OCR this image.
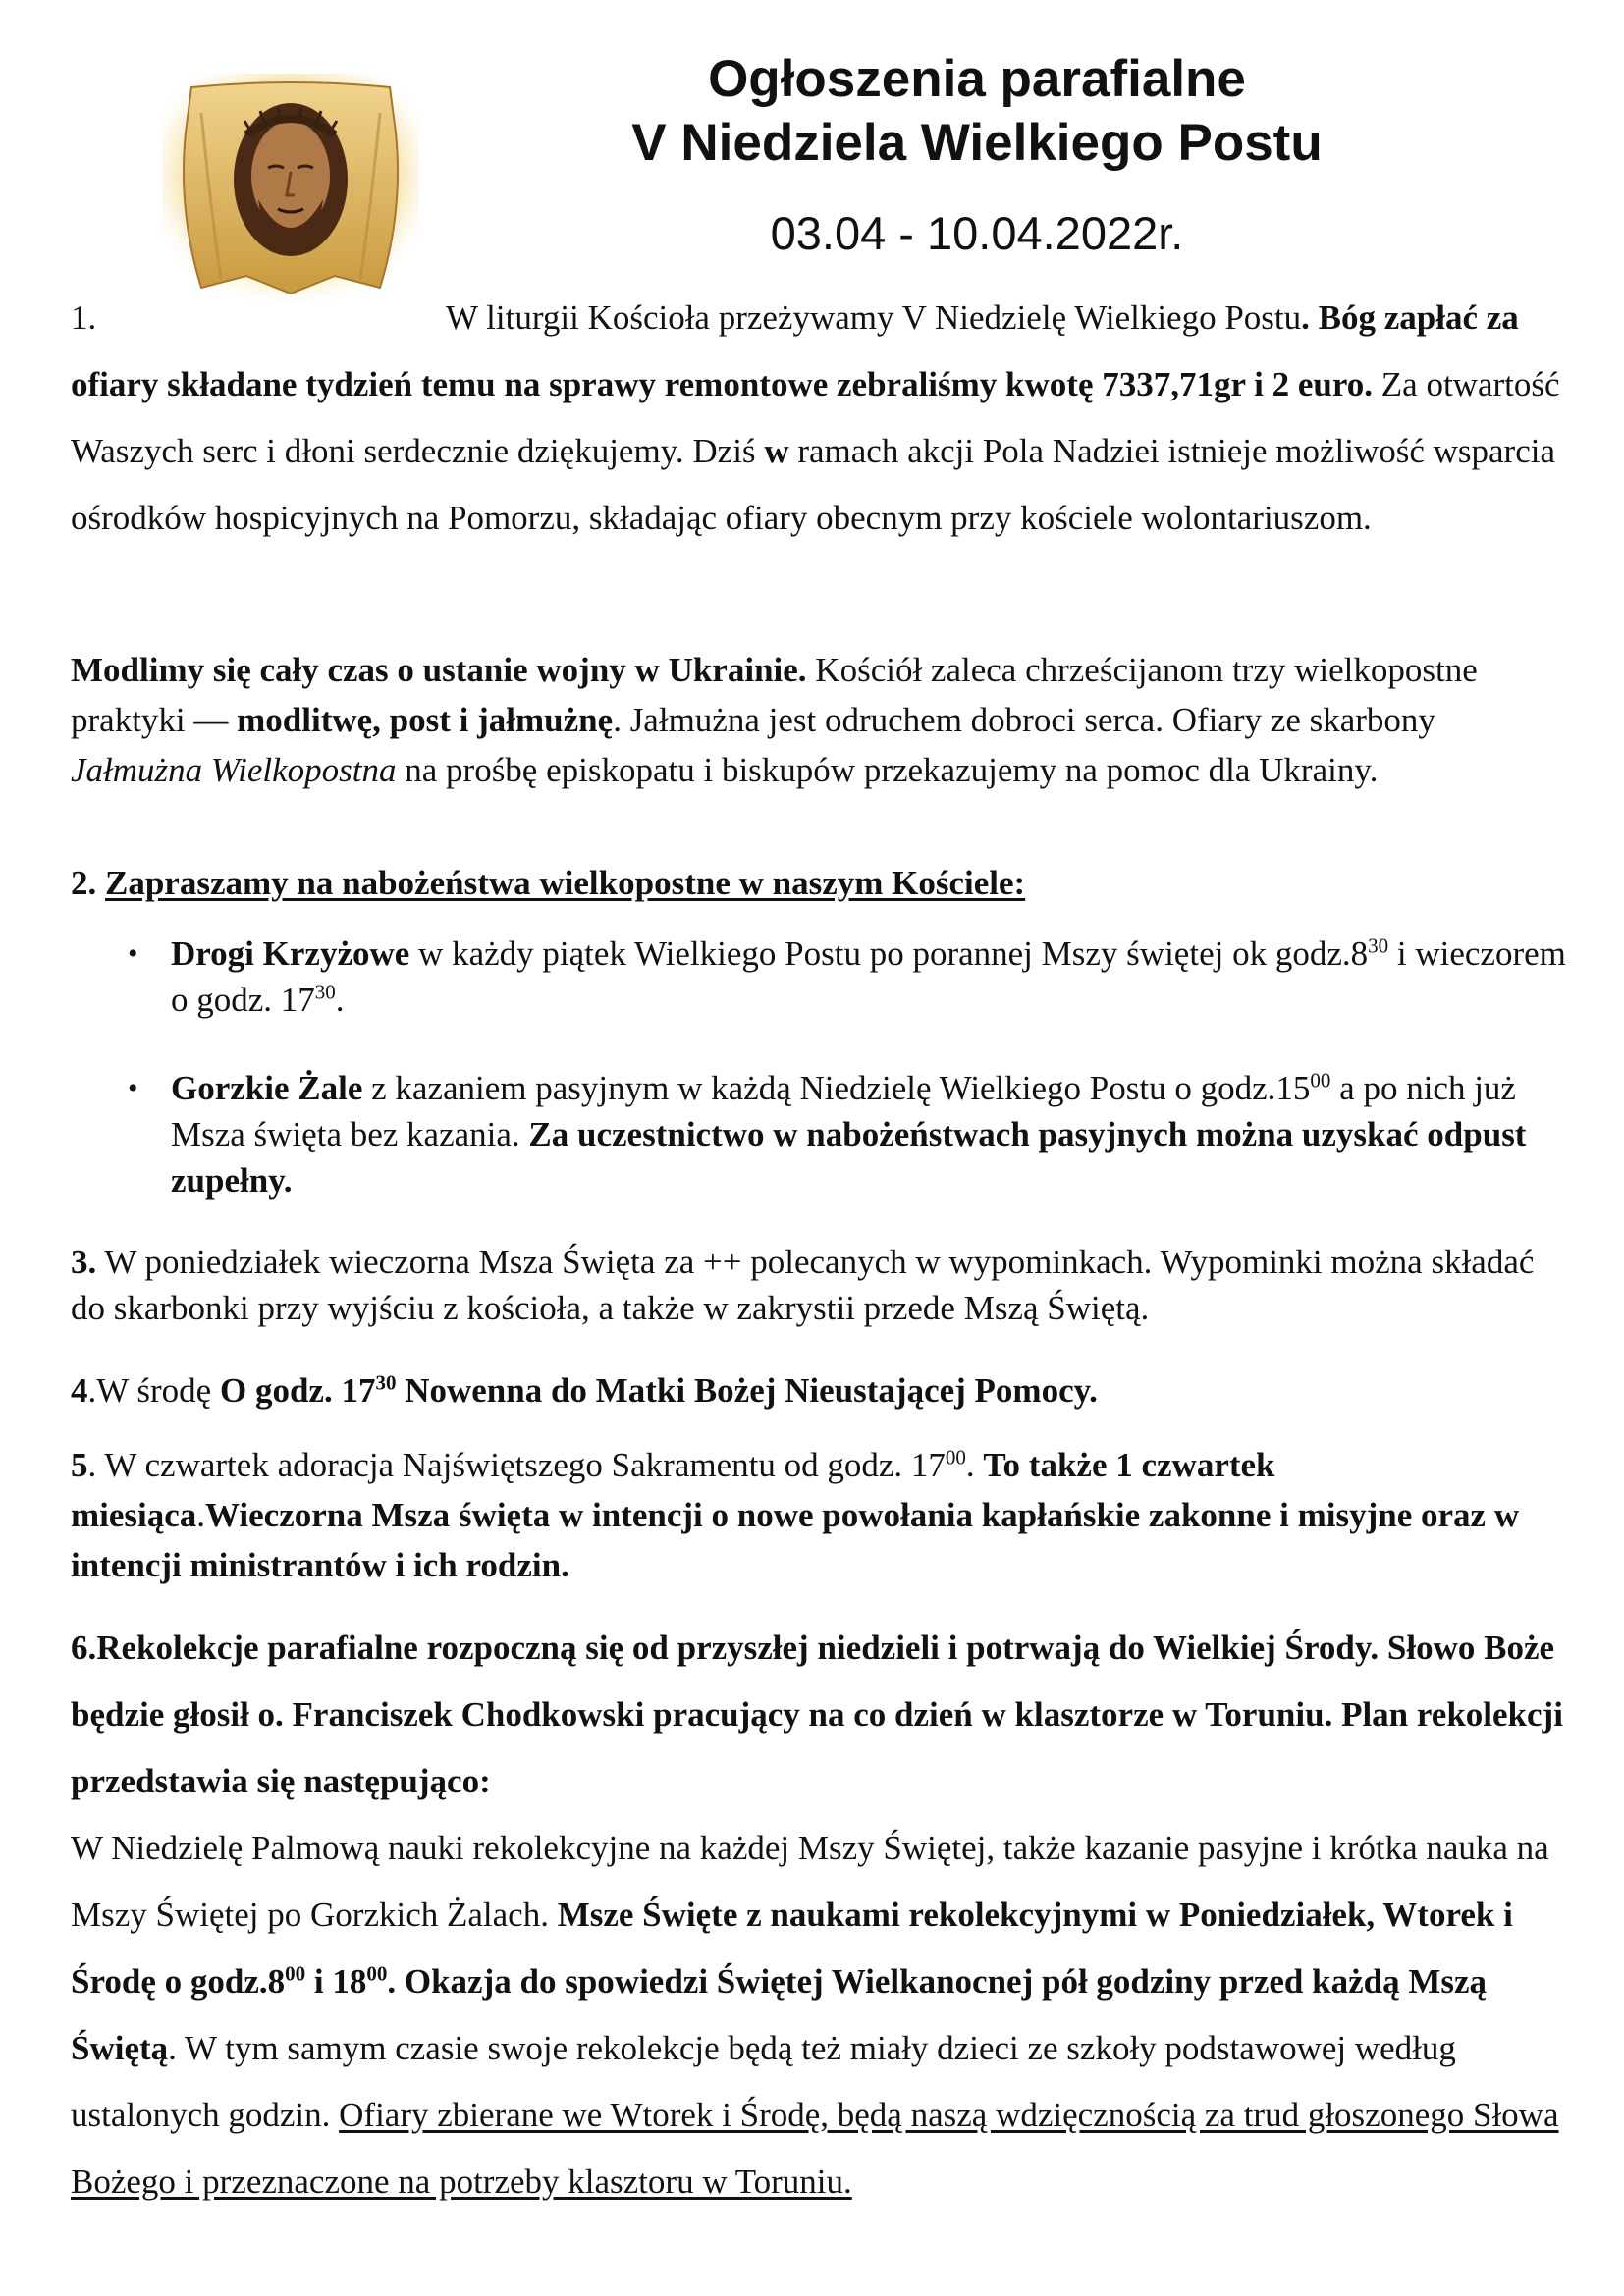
Ogłoszenia parafialne
V Niedziela Wielkiego Postu
03.04 - 10.04.2022r.

1.	W liturgii Kościoła przeżywamy V Niedzielę Wielkiego Postu. Bóg zapłać za ofiary składane tydzień temu na sprawy remontowe zebraliśmy kwotę 7337,71gr i 2 euro. Za otwartość Waszych serc i dłoni serdecznie dziękujemy. Dziś w ramach akcji Pola Nadziei istnieje możliwość wsparcia ośrodków hospicyjnych na Pomorzu, składając ofiary obecnym przy kościele wolontariuszom.

Modlimy się cały czas o ustanie wojny w Ukrainie. Kościół zaleca chrześcijanom trzy wielkopostne praktyki — modlitwę, post i jałmużnę. Jałmużna jest odruchem dobroci serca. Ofiary ze skarbony Jałmużna Wielkopostna na prośbę episkopatu i biskupów przekazujemy na pomoc dla Ukrainy.

2. Zapraszamy na nabożeństwa wielkopostne w naszym Kościele:

• Drogi Krzyżowe w każdy piątek Wielkiego Postu po porannej Mszy świętej ok $godz.8^{30}$ i wieczorem o godz. $17^{30}$.
• Gorzkie Żale z kazaniem pasyjnym w każdą Niedzielę Wielkiego Postu o $godz.15^{00}$ a po nich już Msza święta bez kazania. Za uczestnictwo w nabożeństwach pasyjnych można uzyskać odpust zupełny.

3. W poniedziałek wieczorna Msza Święta za ++ polecanych w wypominkach. Wypominki można składać do skarbonki przy wyjściu z kościoła, a także w zakrystii przede Mszą Świętą.

4.W środę O godz. $17^{30}$ Nowenna do Matki Bożej Nieustającej Pomocy.

5. W czwartek adoracja Najświętszego Sakramentu od godz. $17^{00}$. To także 1 czwartek miesiąca.Wieczorna Msza święta w intencji o nowe powołania kapłańskie zakonne i misyjne oraz w intencji ministrantów i ich rodzin.

6.Rekolekcje parafialne rozpoczną się od przyszłej niedzieli i potrwają do Wielkiej Środy. Słowo Boże będzie głosił o. Franciszek Chodkowski pracujący na co dzień w klasztorze w Toruniu. Plan rekolekcji przedstawia się następująco:

W Niedzielę Palmową nauki rekolekcyjne na każdej Mszy Świętej, także kazanie pasyjne i krótka nauka na Mszy Świętej po Gorzkich Żalach. Msze Święte z naukami rekolekcyjnymi w Poniedziałek, Wtorek i Środę o $godz.8^{00}$ i $18^{00}$. Okazja do spowiedzi Świętej Wielkanocnej pół godziny przed każdą Mszą Świętą. W tym samym czasie swoje rekolekcje będą też miały dzieci ze szkoły podstawowej według ustalonych godzin. Ofiary zbierane we Wtorek i Środę, będą naszą wdzięcznością za trud głoszonego Słowa Bożego i przeznaczone na potrzeby klasztoru w Toruniu.
